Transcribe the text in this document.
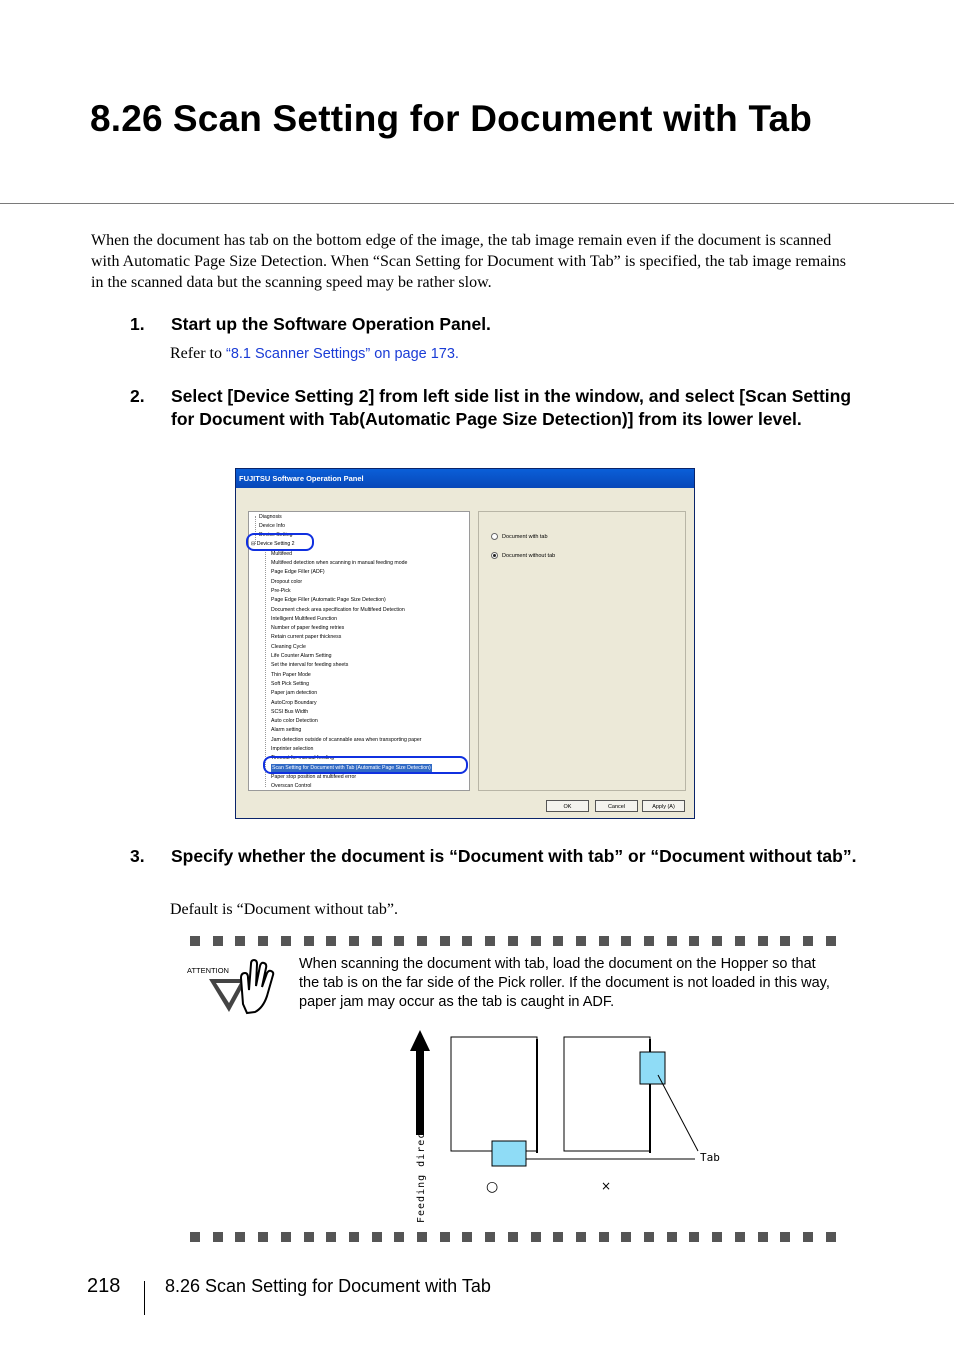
8.26 Scan Setting for Document with Tab
When the document has tab on the bottom edge of the image, the tab image remain even if the document is scanned with Automatic Page Size Detection. When “Scan Setting for Document with Tab” is specified, the tab image remains in the scanned data but the scanning speed may be rather slow.
1. Start up the Software Operation Panel.
Refer to “8.1 Scanner Settings” on page 173.
2. Select [Device Setting 2] from left side list in the window, and select [Scan Setting for Document with Tab(Automatic Page Size Detection)] from its lower level.
FUJITSU Software Operation Panel
Diagnosis
Device Info
Device Setting
⊟ Device Setting 2
Multifeed
Multifeed detection when scanning in manual feeding mode
Page Edge Filler (ADF)
Dropout color
Pre-Pick
Page Edge Filler (Automatic Page Size Detection)
Document check area specification for Multifeed Detection
Intelligent Multifeed Function
Number of paper feeding retries
Retain current paper thickness
Cleaning Cycle
Life Counter Alarm Setting
Set the interval for feeding sheets
Thin Paper Mode
Soft Pick Setting
Paper jam detection
AutoCrop Boundary
SCSI Bus Width
Auto color Detection
Alarm setting
Jam detection outside of scannable area when transporting paper
Imprinter selection
Timeout for manual feeding
Scan Setting for Document with Tab (Automatic Page Size Detection)
Paper stop position at multifeed error
Overscan Control
Document with tab
Document without tab
OK	Cancel	Apply (A)
3. Specify whether the document is “Document with tab” or “Document without tab”.
Default is “Document without tab”.
ATTENTION	When scanning the document with tab, load the document on the Hopper so that the tab is on the far side of the Pick roller. If the document is not loaded in this way, paper jam may occur as the tab is caught in ADF.
Feeding direction	Tab
○	×
218 8.26 Scan Setting for Document with Tab
